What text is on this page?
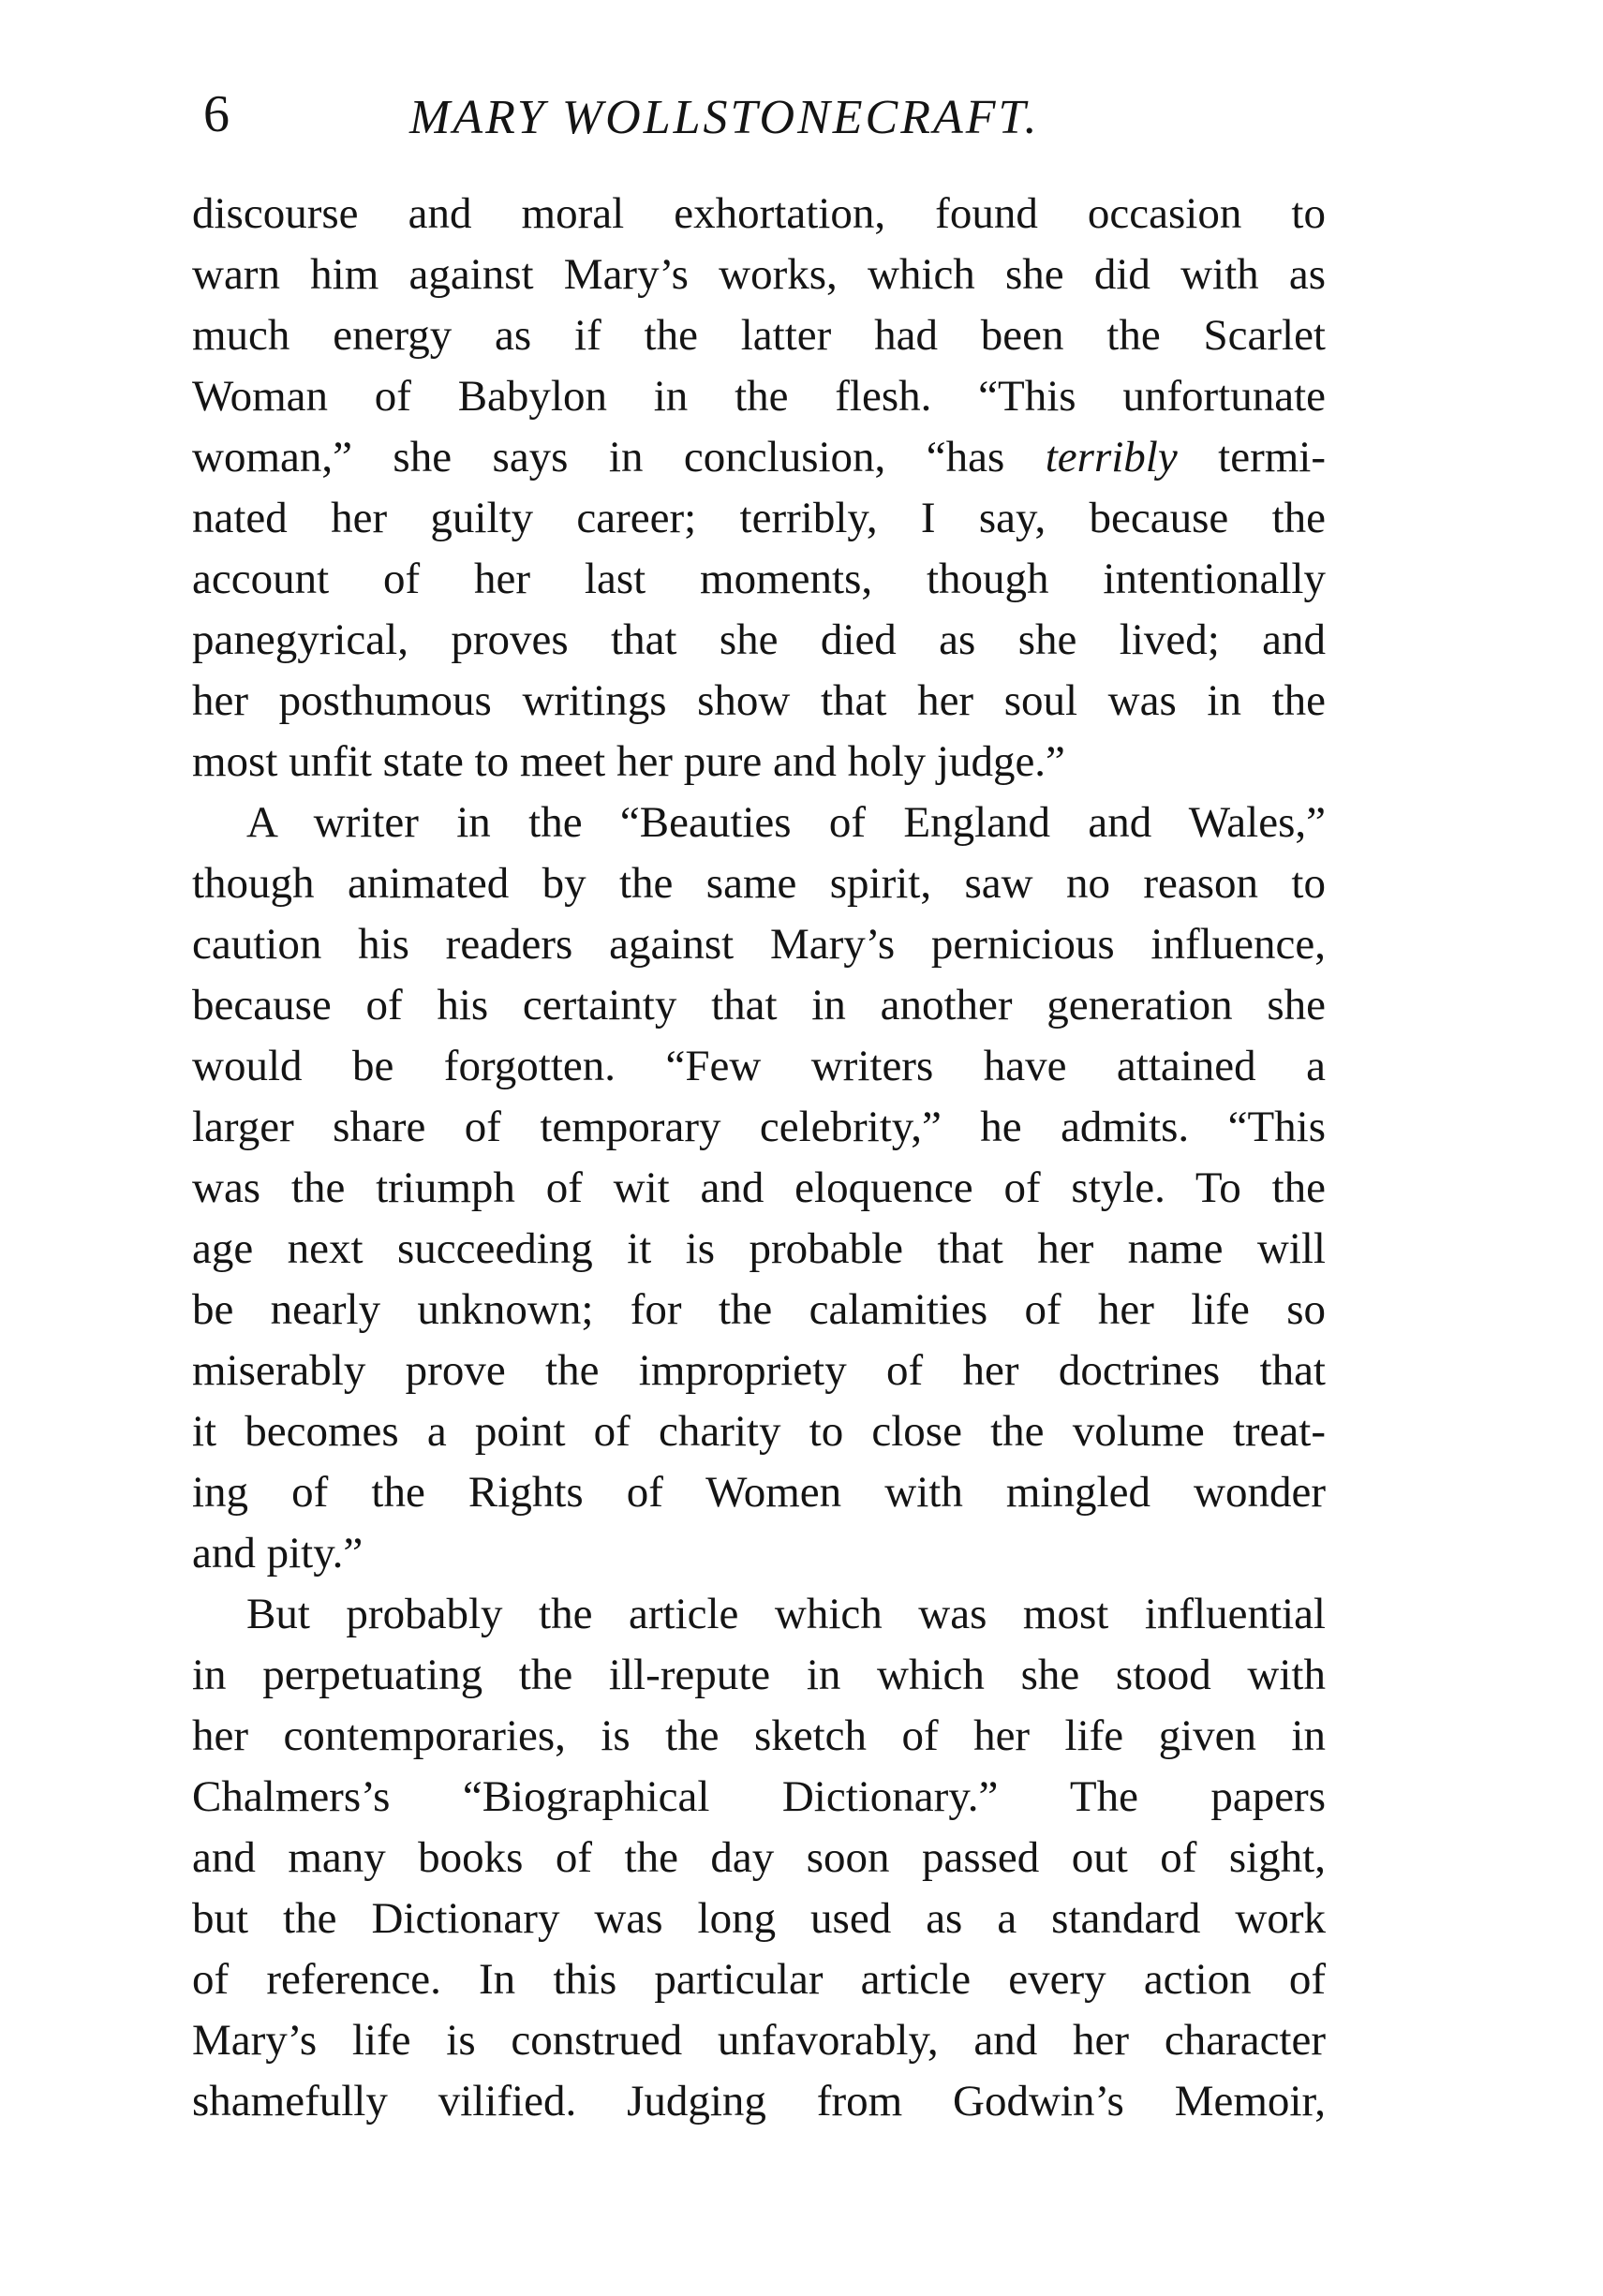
6	MARY WOLLSTONECRAFT.
discourse and moral exhortation, found occasion to
warn him against Mary’s works, which she did with as
much energy as if the latter had been the Scarlet
Woman of Babylon in the flesh. “This unfortunate
woman,” she says in conclusion, “has terribly termi-
nated her guilty career; terribly, I say, because the
account of her last moments, though intentionally
panegyrical, proves that she died as she lived; and
her posthumous writings show that her soul was in the
most unfit state to meet her pure and holy judge.”
A writer in the “Beauties of England and Wales,”
though animated by the same spirit, saw no reason to
caution his readers against Mary’s pernicious influence,
because of his certainty that in another generation she
would be forgotten. “Few writers have attained a
larger share of temporary celebrity,” he admits. “This
was the triumph of wit and eloquence of style. To the
age next succeeding it is probable that her name will
be nearly unknown; for the calamities of her life so
miserably prove the impropriety of her doctrines that
it becomes a point of charity to close the volume treat-
ing of the Rights of Women with mingled wonder
and pity.”
But probably the article which was most influential
in perpetuating the ill-repute in which she stood with
her contemporaries, is the sketch of her life given in
Chalmers’s “Biographical Dictionary.” The papers
and many books of the day soon passed out of sight,
but the Dictionary was long used as a standard work
of reference. In this particular article every action of
Mary’s life is construed unfavorably, and her character
shamefully vilified. Judging from Godwin’s Memoir,
